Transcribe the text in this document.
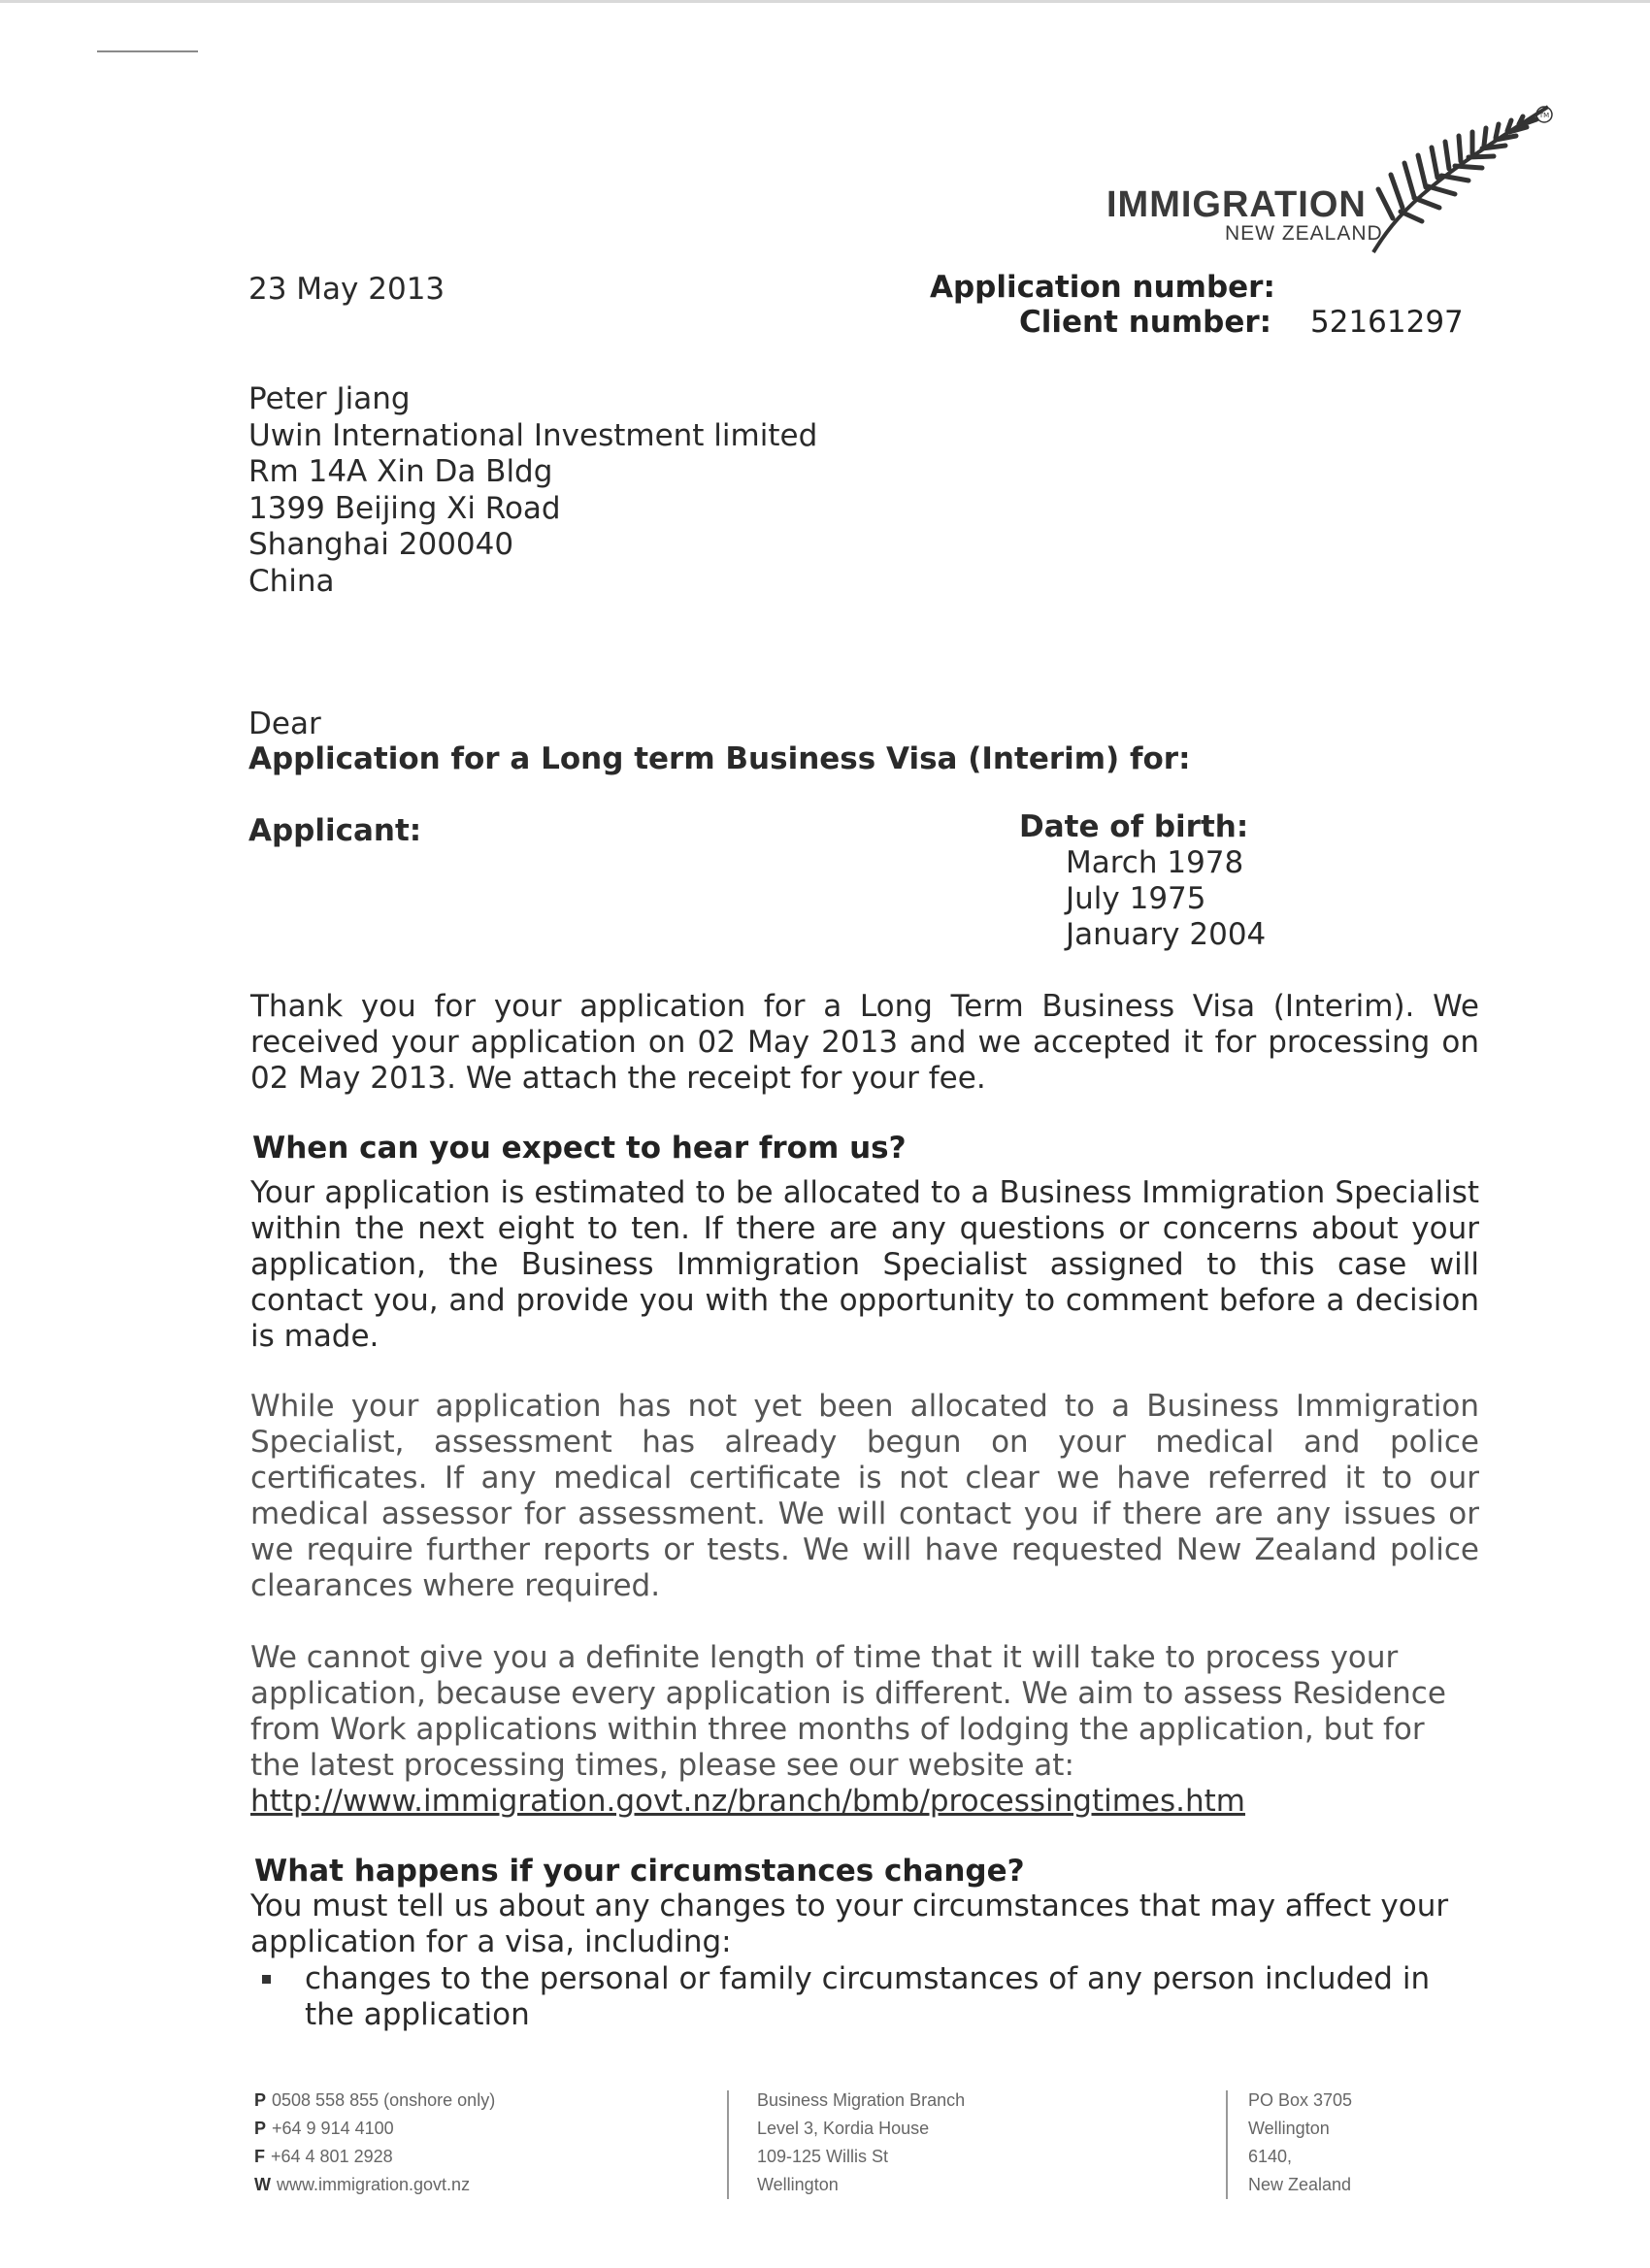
IMMIGRATION
NEW ZEALAND
TM
23 May 2013	Application number:
Client number: 52161297
Peter Jiang
Uwin International Investment limited
Rm 14A Xin Da Bldg
1399 Beijing Xi Road
Shanghai 200040
China
Dear
Application for a Long term Business Visa (Interim) for:
Applicant:	Date of birth:
March 1978
July 1975
January 2004
Thank you for your application for a Long Term Business Visa (Interim). We received your application on 02 May 2013 and we accepted it for processing on 02 May 2013. We attach the receipt for your fee.
When can you expect to hear from us?
Your application is estimated to be allocated to a Business Immigration Specialist within the next eight to ten. If there are any questions or concerns about your application, the Business Immigration Specialist assigned to this case will contact you, and provide you with the opportunity to comment before a decision is made.
While your application has not yet been allocated to a Business Immigration Specialist, assessment has already begun on your medical and police certificates. If any medical certificate is not clear we have referred it to our medical assessor for assessment. We will contact you if there are any issues or we require further reports or tests. We will have requested New Zealand police clearances where required.
We cannot give you a definite length of time that it will take to process your application, because every application is different. We aim to assess Residence from Work applications within three months of lodging the application, but for the latest processing times, please see our website at:
http://www.immigration.govt.nz/branch/bmb/processingtimes.htm
What happens if your circumstances change?
You must tell us about any changes to your circumstances that may affect your application for a visa, including:
changes to the personal or family circumstances of any person included in the application
P 0508 558 855 (onshore only)
P +64 9 914 4100
F +64 4 801 2928
W www.immigration.govt.nz
Business Migration Branch
Level 3, Kordia House
109-125 Willis St
Wellington
PO Box 3705
Wellington
6140,
New Zealand
